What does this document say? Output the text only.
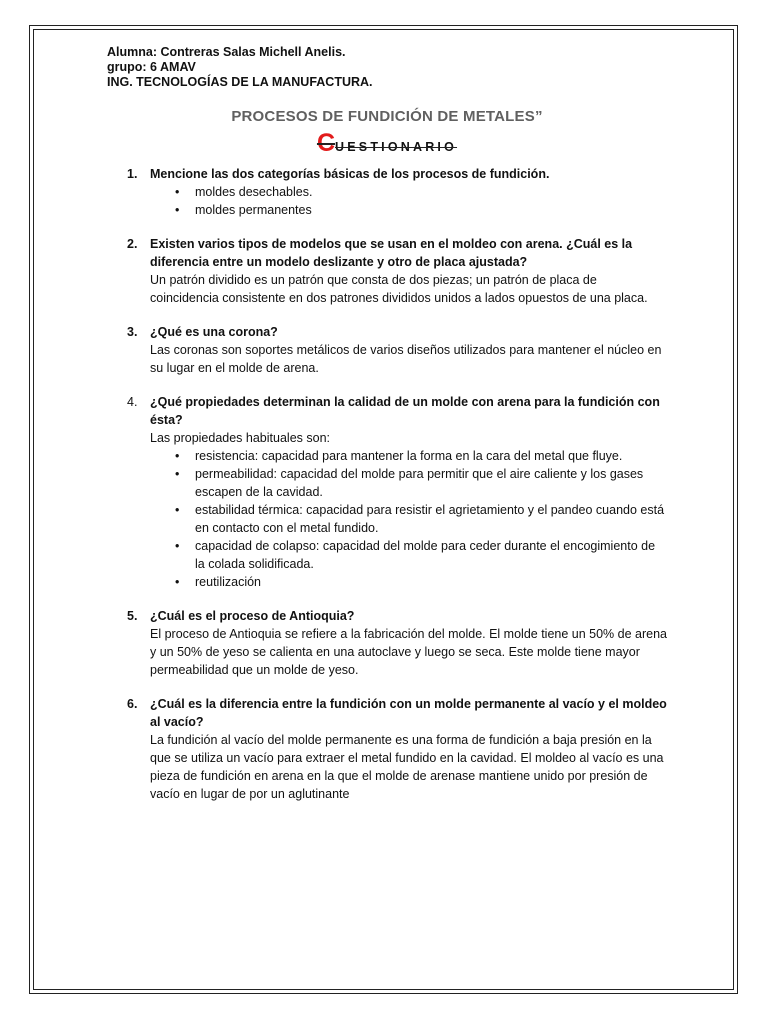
Alumna: Contreras Salas Michell Anelis.
grupo: 6 AMAV
ING. TECNOLOGÍAS DE LA MANUFACTURA.
PROCESOS DE FUNDICIÓN DE METALES”
CUESTIONARIO
1. Mencione las dos categorías básicas de los procesos de fundición.
• moldes desechables.
• moldes permanentes
2. Existen varios tipos de modelos que se usan en el moldeo con arena. ¿Cuál es la diferencia entre un modelo deslizante y otro de placa ajustada?
Un patrón dividido es un patrón que consta de dos piezas; un patrón de placa de coincidencia consistente en dos patrones divididos unidos a lados opuestos de una placa.
3. ¿Qué es una corona?
Las coronas son soportes metálicos de varios diseños utilizados para mantener el núcleo en su lugar en el molde de arena.
4. ¿Qué propiedades determinan la calidad de un molde con arena para la fundición con ésta?
Las propiedades habituales son:
• resistencia: capacidad para mantener la forma en la cara del metal que fluye.
• permeabilidad: capacidad del molde para permitir que el aire caliente y los gases escapen de la cavidad.
• estabilidad térmica: capacidad para resistir el agrietamiento y el pandeo cuando está en contacto con el metal fundido.
• capacidad de colapso: capacidad del molde para ceder durante el encogimiento de la colada solidificada.
• reutilización
5. ¿Cuál es el proceso de Antioquia?
El proceso de Antioquia se refiere a la fabricación del molde. El molde tiene un 50% de arena y un 50% de yeso se calienta en una autoclave y luego se seca. Este molde tiene mayor permeabilidad que un molde de yeso.
6. ¿Cuál es la diferencia entre la fundición con un molde permanente al vacío y el moldeo al vacío?
La fundición al vacío del molde permanente es una forma de fundición a baja presión en la que se utiliza un vacío para extraer el metal fundido en la cavidad. El moldeo al vacío es una pieza de fundición en arena en la que el molde de arenase mantiene unido por presión de vacío en lugar de por un aglutinante
